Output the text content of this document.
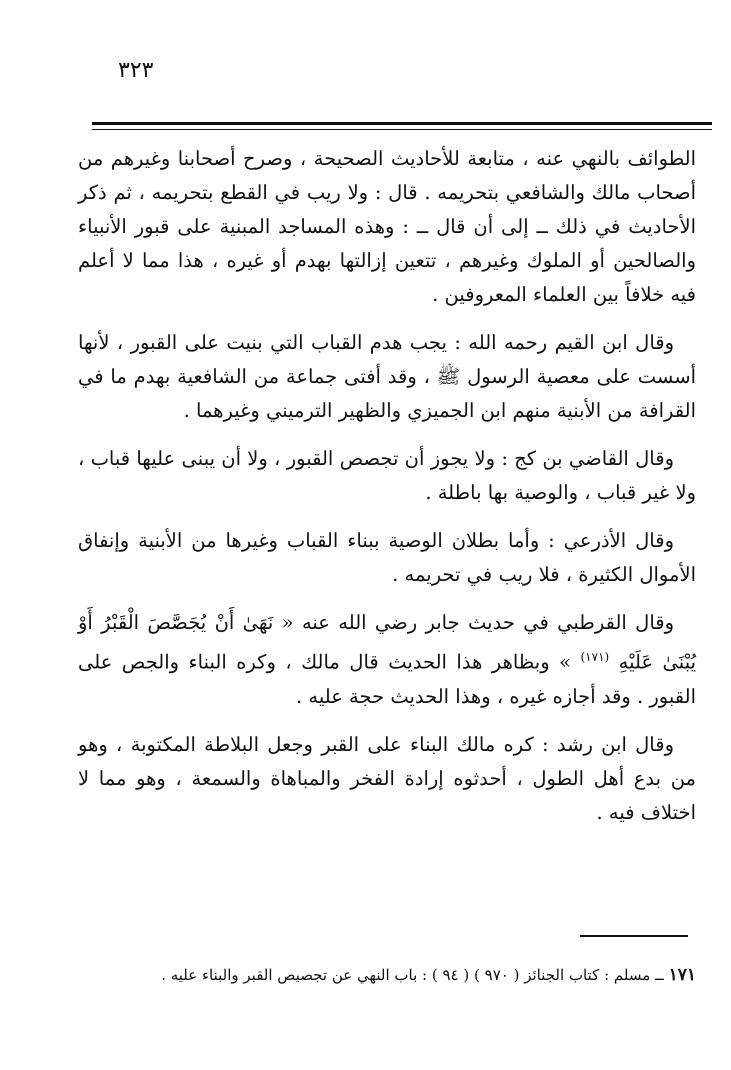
٣٢٣

الطوائف بالنهي عنه ، متابعة للأحاديث الصحيحة ، وصرح أصحابنا وغيرهم من أصحاب مالك والشافعي بتحريمه . قال : ولا ريب في القطع بتحريمه ، ثم ذكر الأحاديث في ذلك ــ إلى أن قال ــ : وهذه المساجد المبنية على قبور الأنبياء والصالحين أو الملوك وغيرهم ، تتعين إزالتها بهدم أو غيره ، هذا مما لا أعلم فيه خلافاً بين العلماء المعروفين .

وقال ابن القيم رحمه الله : يجب هدم القباب التي بنيت على القبور ، لأنها أسست على معصية الرسول ﷺ ، وقد أفتى جماعة من الشافعية بهدم ما في القرافة من الأبنية منهم ابن الجميزي والظهير الترميني وغيرهما .

وقال القاضي بن كج : ولا يجوز أن تجصص القبور ، ولا أن يبنى عليها قباب ، ولا غير قباب ، والوصية بها باطلة .

وقال الأذرعي : وأما بطلان الوصية ببناء القباب وغيرها من الأبنية وإنفاق الأموال الكثيرة ، فلا ريب في تحريمه .

وقال القرطبي في حديث جابر رضي الله عنه « نَهَىٰ أَنْ يُجَصَّصَ الْقَبْرُ أَوْ يُبْنَىٰ عَلَيْهِ $^{(١٧١)}$ » وبظاهر هذا الحديث قال مالك ، وكره البناء والجص على القبور . وقد أجازه غيره ، وهذا الحديث حجة عليه .

وقال ابن رشد : كره مالك البناء على القبر وجعل البلاطة المكتوبة ، وهو من بدع أهل الطول ، أحدثوه إرادة الفخر والمباهاة والسمعة ، وهو مما لا اختلاف فيه .

١٧١ ــ مسلم : كتاب الجنائز ( ٩٧٠ ) ( ٩٤ ) : باب النهي عن تجصيص القبر والبناء عليه .
